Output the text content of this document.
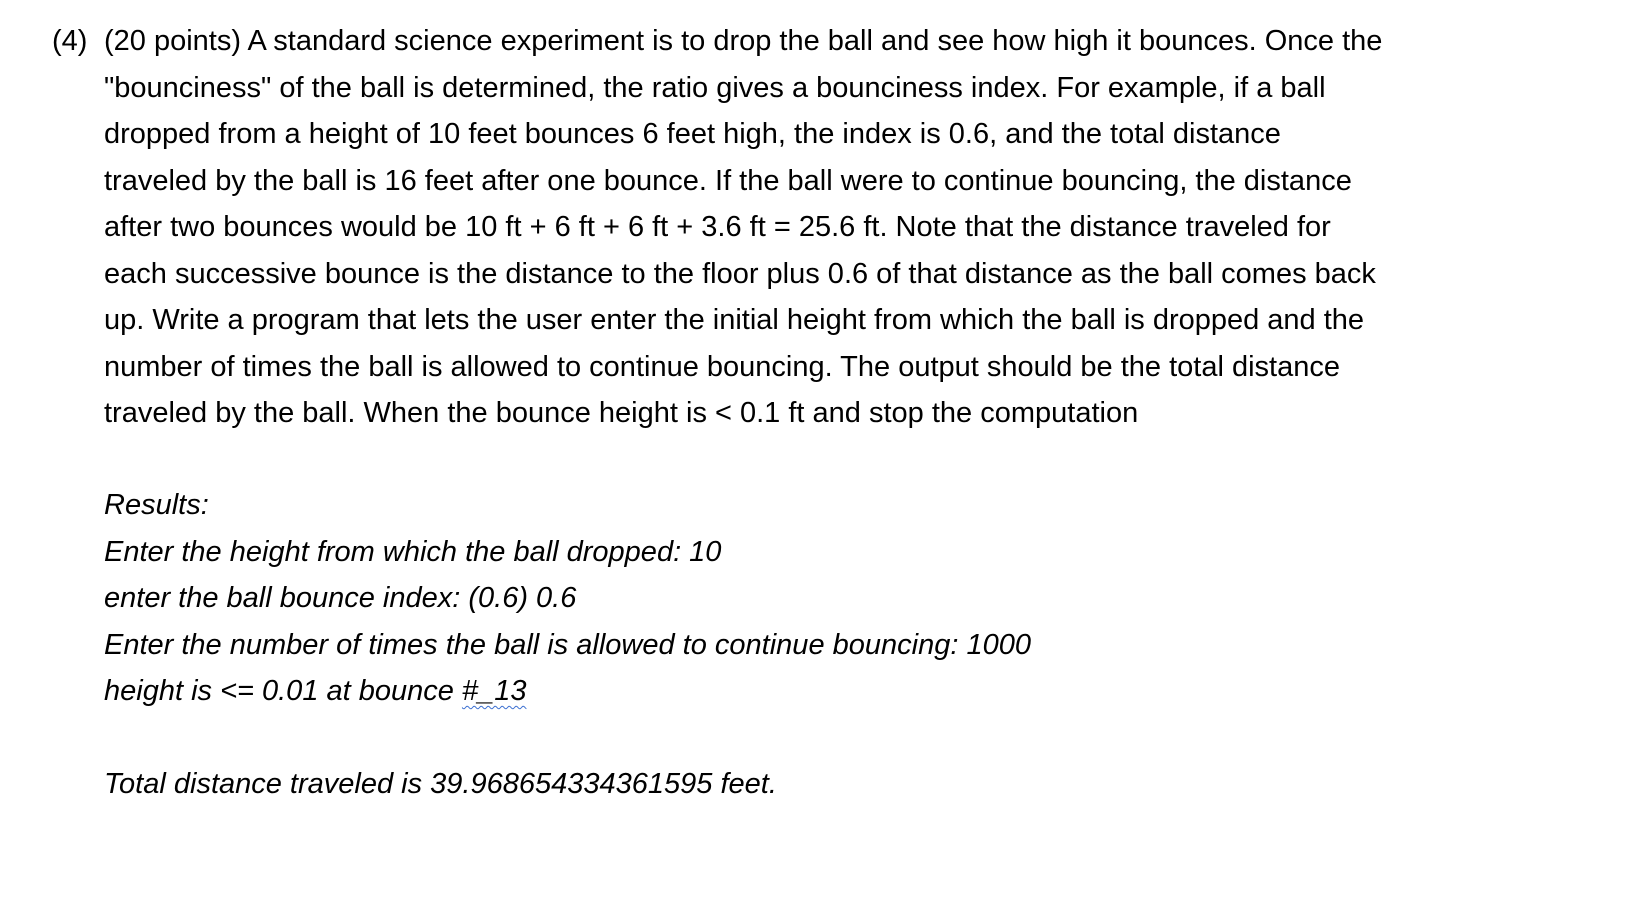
(4) (20 points) A standard science experiment is to drop the ball and see how high it bounces. Once the
"bounciness" of the ball is determined, the ratio gives a bounciness index. For example, if a ball
dropped from a height of 10 feet bounces 6 feet high, the index is 0.6, and the total distance
traveled by the ball is 16 feet after one bounce. If the ball were to continue bouncing, the distance
after two bounces would be 10 ft + 6 ft + 6 ft + 3.6 ft = 25.6 ft. Note that the distance traveled for
each successive bounce is the distance to the floor plus 0.6 of that distance as the ball comes back
up. Write a program that lets the user enter the initial height from which the ball is dropped and the
number of times the ball is allowed to continue bouncing. The output should be the total distance
traveled by the ball. When the bounce height is < 0.1 ft and stop the computation
Results:
Enter the height from which the ball dropped: 10
enter the ball bounce index: (0.6) 0.6
Enter the number of times the ball is allowed to continue bouncing: 1000
height is <= 0.01 at bounce #_13
Total distance traveled is 39.968654334361595 feet.
